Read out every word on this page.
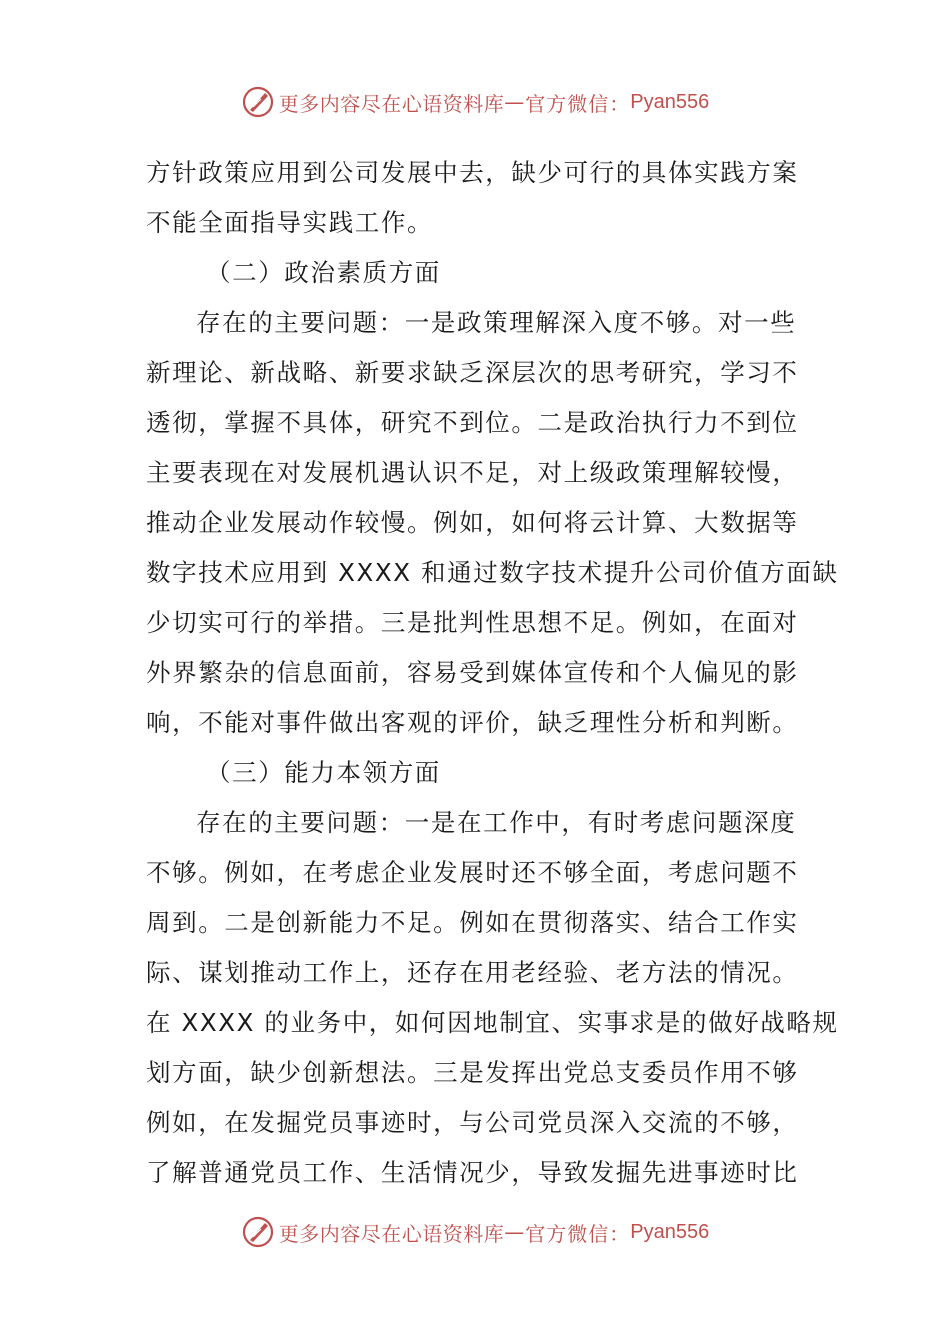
更多内容尽在心语资料库 — 官方微信： Pyan556
方针政策应用到公司发展中去，缺少可行的具体实践方案
不能全面指导实践工作。
（二）政治素质方面
存在的主要问题：一是政策理解深入度不够。对一些
新理论、新战略、新要求缺乏深层次的思考研究，学习不
透彻，掌握不具体，研究不到位。二是政治执行力不到位
主要表现在对发展机遇认识不足，对上级政策理解较慢，
推动企业发展动作较慢。例如，如何将云计算、大数据等
数字技术应用到 XXXX 和通过数字技术提升公司价值方面缺
少切实可行的举措。三是批判性思想不足。例如，在面对
外界繁杂的信息面前，容易受到媒体宣传和个人偏见的影
响，不能对事件做出客观的评价，缺乏理性分析和判断。
（三）能力本领方面
存在的主要问题：一是在工作中，有时考虑问题深度
不够。例如，在考虑企业发展时还不够全面，考虑问题不
周到。二是创新能力不足。例如在贯彻落实、结合工作实
际、谋划推动工作上，还存在用老经验、老方法的情况。
在 XXXX 的业务中，如何因地制宜、实事求是的做好战略规
划方面，缺少创新想法。三是发挥出党总支委员作用不够
例如，在发掘党员事迹时，与公司党员深入交流的不够，
了解普通党员工作、生活情况少，导致发掘先进事迹时比
更多内容尽在心语资料库 — 官方微信： Pyan556
